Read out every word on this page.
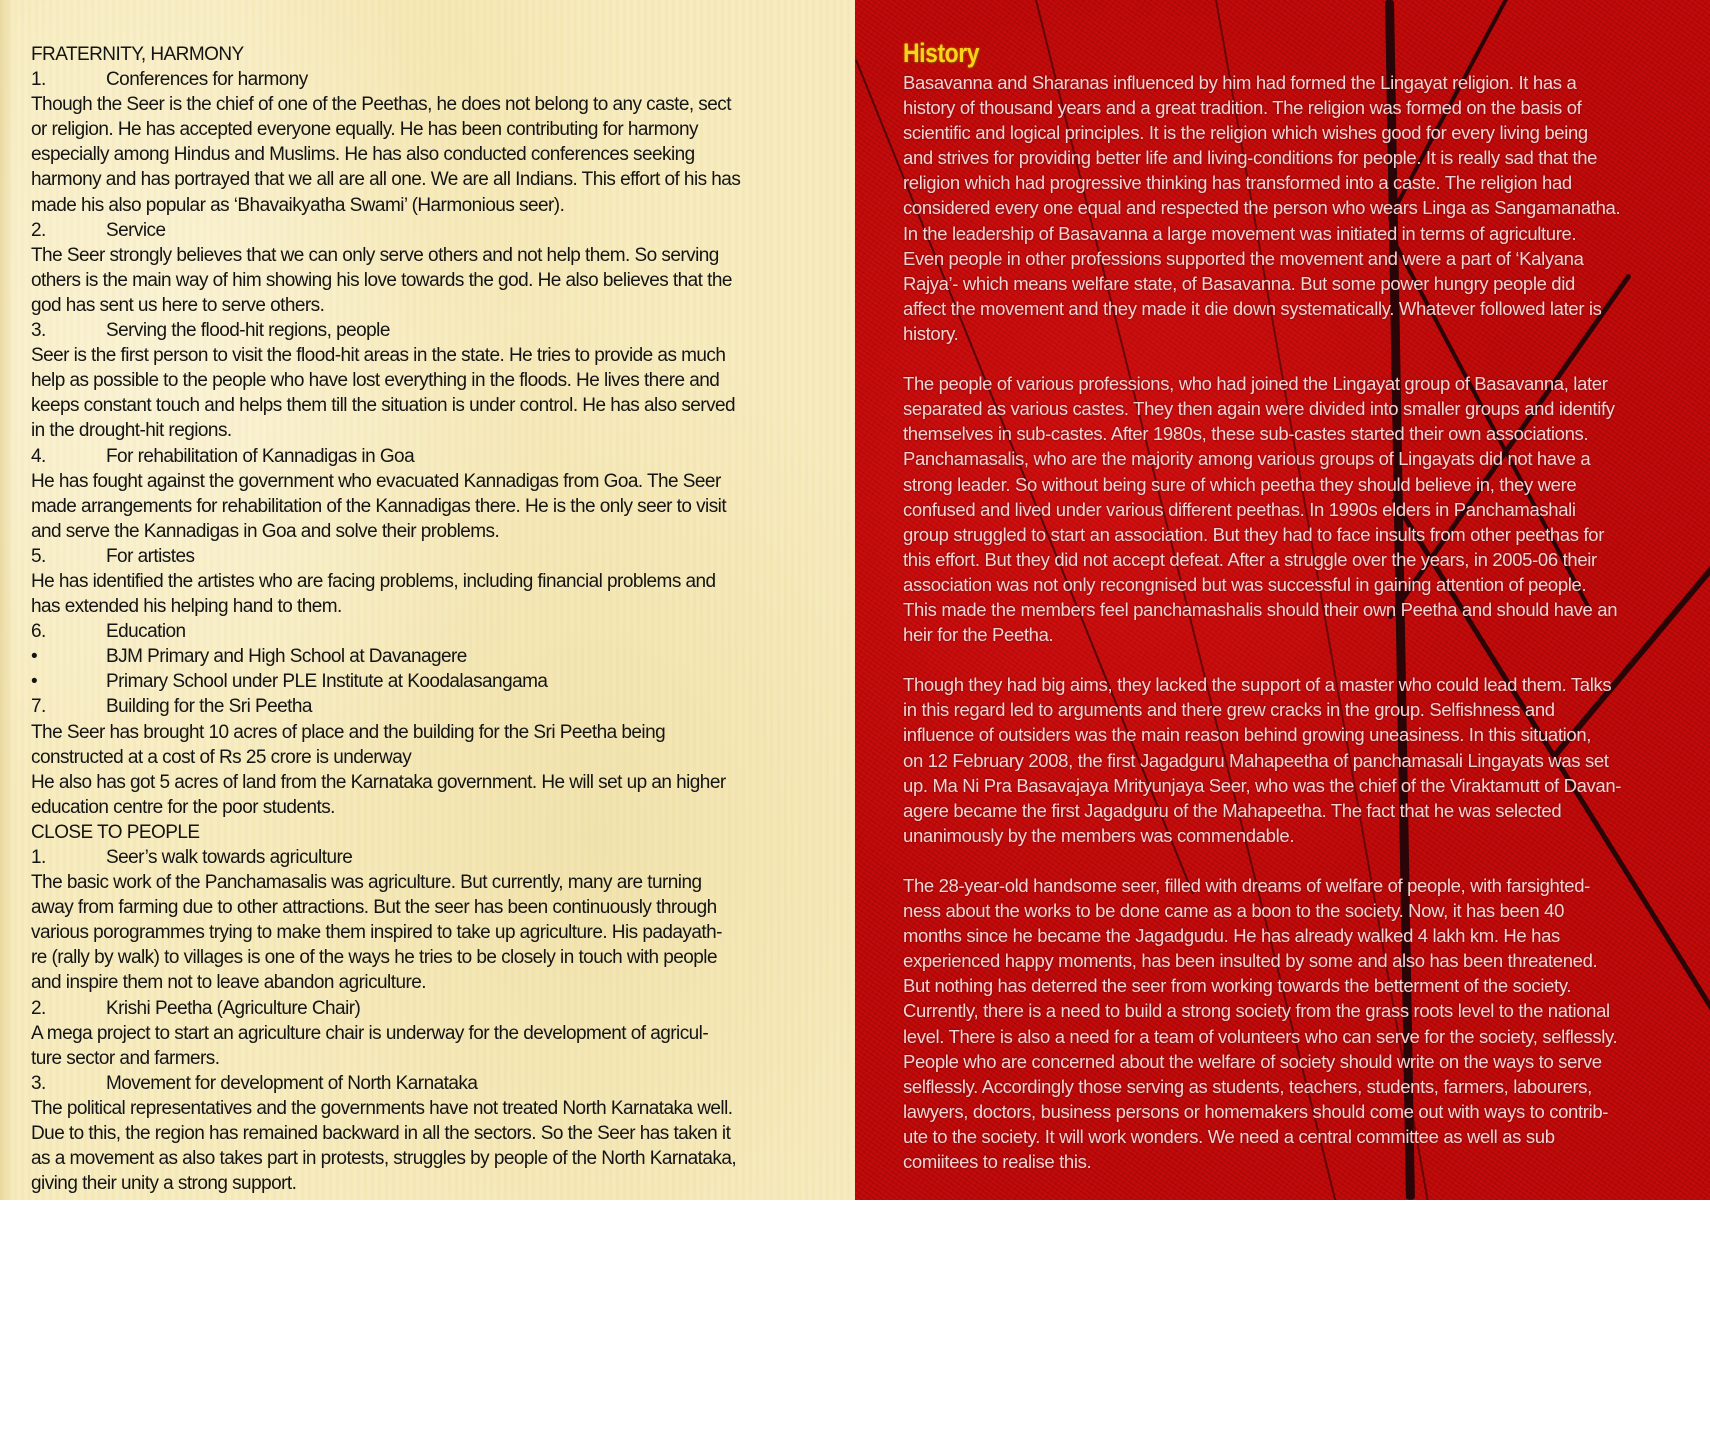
FRATERNITY, HARMONY
1.	Conferences for harmony
Though the Seer is the chief of one of the Peethas, he does not belong to any caste, sect
or religion. He has accepted everyone equally. He has been contributing for harmony
especially among Hindus and Muslims. He has also conducted conferences seeking
harmony and has portrayed that we all are all one. We are all Indians. This effort of his has
made his also popular as ‘Bhavaikyatha Swami’ (Harmonious seer).
2.	Service
The Seer strongly believes that we can only serve others and not help them. So serving
others is the main way of him showing his love towards the god. He also believes that the
god has sent us here to serve others.
3.	Serving the flood-hit regions, people
Seer is the first person to visit the flood-hit areas in the state. He tries to provide as much
help as possible to the people who have lost everything in the floods. He lives there and
keeps constant touch and helps them till the situation is under control. He has also served
in the drought-hit regions.
4.	For rehabilitation of Kannadigas in Goa
He has fought against the government who evacuated Kannadigas from Goa. The Seer
made arrangements for rehabilitation of the Kannadigas there. He is the only seer to visit
and serve the Kannadigas in Goa and solve their problems.
5.	For artistes
He has identified the artistes who are facing problems, including financial problems and
has extended his helping hand to them.
6.	Education
•	BJM Primary and High School at Davanagere
•	Primary School under PLE Institute at Koodalasangama
7.	Building for the Sri Peetha
The Seer has brought 10 acres of place and the building for the Sri Peetha being
constructed at a cost of Rs 25 crore is underway
He also has got 5 acres of land from the Karnataka government. He will set up an higher
education centre for the poor students.
CLOSE TO PEOPLE
1.	Seer’s walk towards agriculture
The basic work of the Panchamasalis was agriculture. But currently, many are turning
away from farming due to other attractions. But the seer has been continuously through
various porogrammes trying to make them inspired to take up agriculture. His padayath-
re (rally by walk) to villages is one of the ways he tries to be closely in touch with people
and inspire them not to leave abandon agriculture.
2.	Krishi Peetha (Agriculture Chair)
A mega project to start an agriculture chair is underway for the development of agricul-
ture sector and farmers.
3.	Movement for development of North Karnataka
The political representatives and the governments have not treated North Karnataka well.
Due to this, the region has remained backward in all the sectors. So the Seer has taken it
as a movement as also takes part in protests, struggles by people of the North Karnataka,
giving their unity a strong support.
History
Basavanna and Sharanas influenced by him had formed the Lingayat religion. It has a
history of thousand years and a great tradition. The religion was formed on the basis of
scientific and logical principles. It is the religion which wishes good for every living being
and strives for providing better life and living-conditions for people. It is really sad that the
religion which had progressive thinking has transformed into a caste. The religion had
considered every one equal and respected the person who wears Linga as Sangamanatha.
In the leadership of Basavanna a large movement was initiated in terms of agriculture.
Even people in other professions supported the movement and were a part of ‘Kalyana
Rajya’- which means welfare state, of Basavanna. But some power hungry people did
affect the movement and they made it die down systematically. Whatever followed later is
history.
The people of various professions, who had joined the Lingayat group of Basavanna, later
separated as various castes. They then again were divided into smaller groups and identify
themselves in sub-castes. After 1980s, these sub-castes started their own associations.
Panchamasalis, who are the majority among various groups of Lingayats did not have a
strong leader. So without being sure of which peetha they should believe in, they were
confused and lived under various different peethas. In 1990s elders in Panchamashali
group struggled to start an association. But they had to face insults from other peethas for
this effort. But they did not accept defeat. After a struggle over the years, in 2005-06 their
association was not only recongnised but was successful in gaining attention of people.
This made the members feel panchamashalis should their own Peetha and should have an
heir for the Peetha.
Though they had big aims, they lacked the support of a master who could lead them. Talks
in this regard led to arguments and there grew cracks in the group. Selfishness and
influence of outsiders was the main reason behind growing uneasiness. In this situation,
on 12 February 2008, the first Jagadguru Mahapeetha of panchamasali Lingayats was set
up. Ma Ni Pra Basavajaya Mrityunjaya Seer, who was the chief of the Viraktamutt of Davan-
agere became the first Jagadguru of the Mahapeetha. The fact that he was selected
unanimously by the members was commendable.
The 28-year-old handsome seer, filled with dreams of welfare of people, with farsighted-
ness about the works to be done came as a boon to the society. Now, it has been 40
months since he became the Jagadgudu. He has already walked 4 lakh km. He has
experienced happy moments, has been insulted by some and also has been threatened.
But nothing has deterred the seer from working towards the betterment of the society.
Currently, there is a need to build a strong society from the grass roots level to the national
level. There is also a need for a team of volunteers who can serve for the society, selflessly.
People who are concerned about the welfare of society should write on the ways to serve
selflessly. Accordingly those serving as students, teachers, students, farmers, labourers,
lawyers, doctors, business persons or homemakers should come out with ways to contrib-
ute to the society. It will work wonders. We need a central committee as well as sub
comiitees to realise this.
